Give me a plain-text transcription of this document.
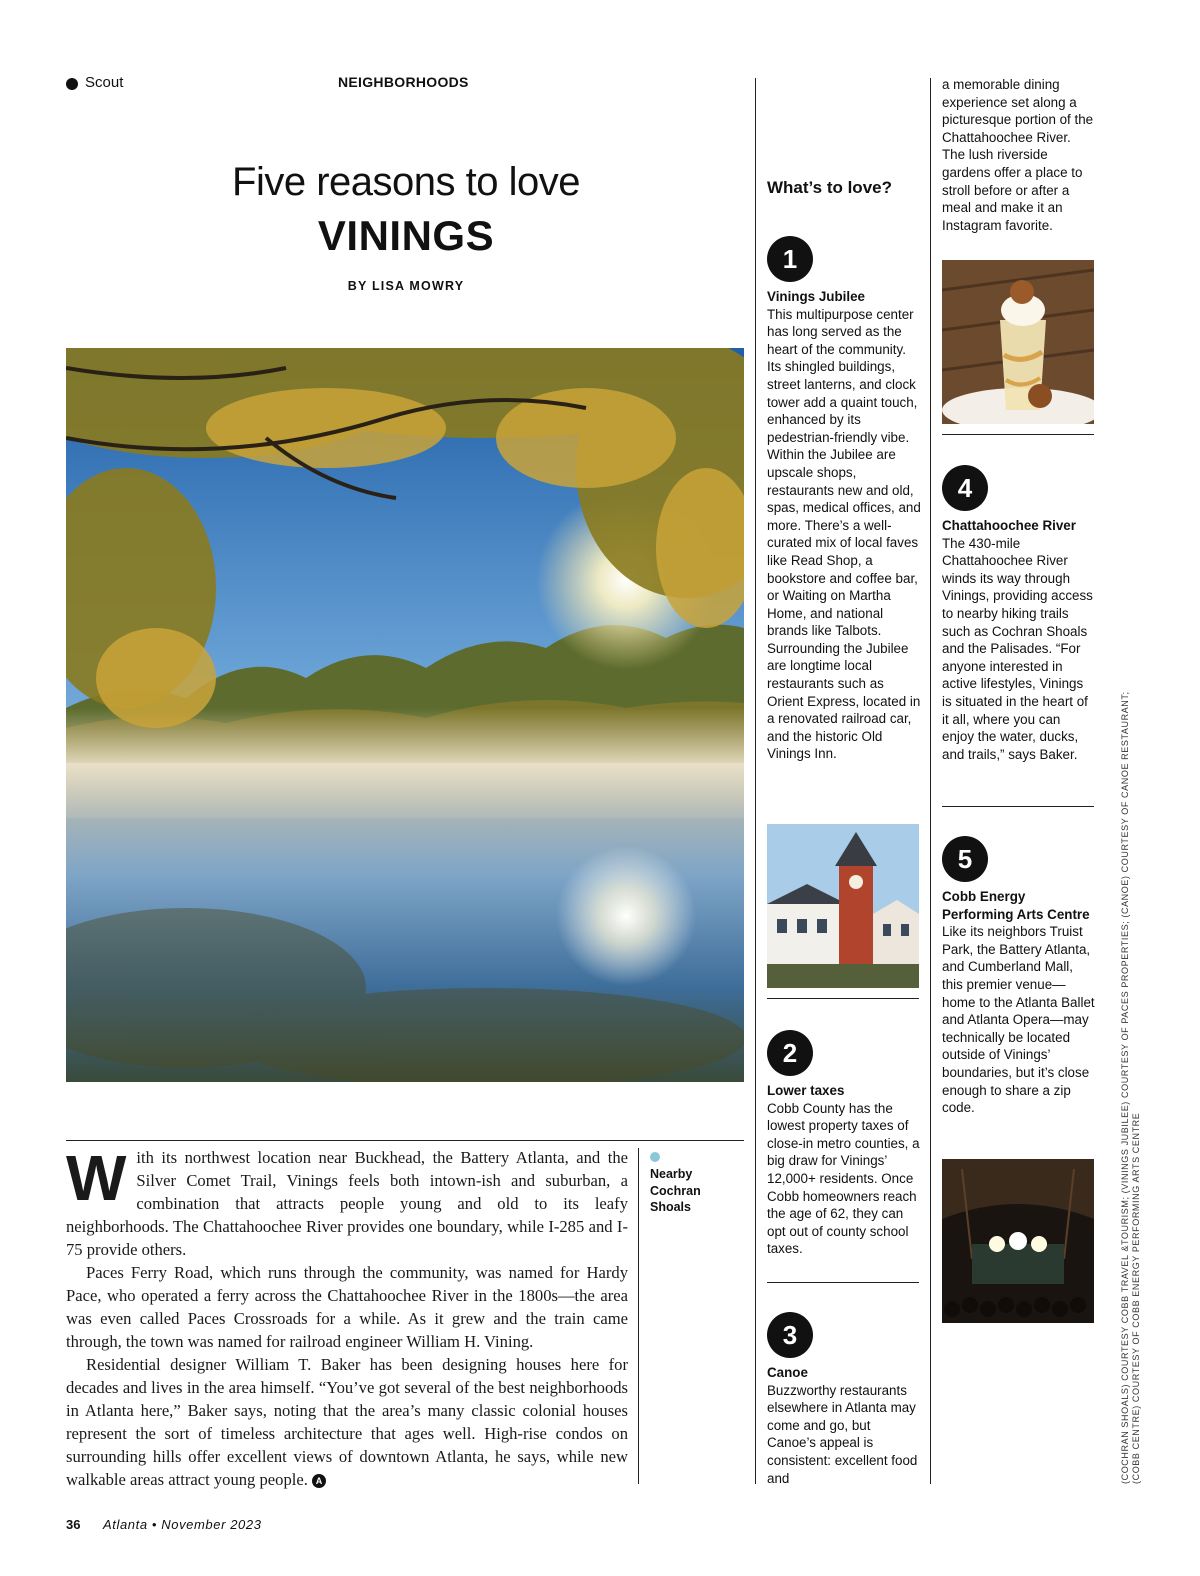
Scout	NEIGHBORHOODS
Five reasons to love
VININGS
BY LISA MOWRY

With its northwest location near Buckhead, the Battery Atlanta, and the Silver Comet Trail, Vinings feels both intown-ish and suburban, a combination that attracts people young and old to its leafy neighborhoods. The Chattahoochee River provides one boundary, while I-285 and I-75 provide others.

Paces Ferry Road, which runs through the community, was named for Hardy Pace, who operated a ferry across the Chattahoochee River in the 1800s—the area was even called Paces Crossroads for a while. As it grew and the train came through, the town was named for railroad engineer William H. Vining.

Residential designer William T. Baker has been designing houses here for decades and lives in the area himself. “You’ve got several of the best neighborhoods in Atlanta here,” Baker says, noting that the area’s many classic colonial houses represent the sort of timeless architecture that ages well. High-rise condos on surrounding hills offer excellent views of downtown Atlanta, he says, while new walkable areas attract young people. A

Nearby
Cochran
Shoals
What’s to love?
1

Vinings Jubilee

This multipurpose center has long served as the heart of the community. Its shingled buildings, street lanterns, and clock tower add a quaint touch, enhanced by its pedestrian-friendly vibe. Within the Jubilee are upscale shops, restaurants new and old, spas, medical offices, and more. There’s a well-curated mix of local faves like Read Shop, a bookstore and coffee bar, or Waiting on Martha Home, and national brands like Talbots. Surrounding the Jubilee are longtime local restaurants such as Orient Express, located in a renovated railroad car, and the historic Old Vinings Inn.

2

Lower taxes

Cobb County has the lowest property taxes of close-in metro counties, a big draw for Vinings’ 12,000+ residents. Once Cobb homeowners reach the age of 62, they can opt out of county school taxes.

3

Canoe

Buzzworthy restaurants elsewhere in Atlanta may come and go, but Canoe’s appeal is consistent: excellent food and

a memorable dining experience set along a picturesque portion of the Chattahoochee River. The lush riverside gardens offer a place to stroll before or after a meal and make it an Instagram favorite.

4

Chattahoochee River

The 430-mile Chattahoochee River winds its way through Vinings, providing access to nearby hiking trails such as Cochran Shoals and the Palisades. “For anyone interested in active lifestyles, Vinings is situated in the heart of it all, where you can enjoy the water, ducks, and trails,” says Baker.

5

Cobb Energy Performing Arts Centre

Like its neighbors Truist Park, the Battery Atlanta, and Cumberland Mall, this premier venue—home to the Atlanta Ballet and Atlanta Opera—may technically be located outside of Vinings’ boundaries, but it’s close enough to share a zip code.	(COCHRAN SHOALS) COURTESY COBB TRAVEL &TOURISM; (VININGS JUBILEE) COURTESY OF PACES PROPERTIES; (CANOE) COURTESY OF CANOE RESTAURANT; (COBB CENTRE) COURTESY OF COBB ENERGY PERFORMING ARTS CENTRE
36 Atlanta • November 2023
